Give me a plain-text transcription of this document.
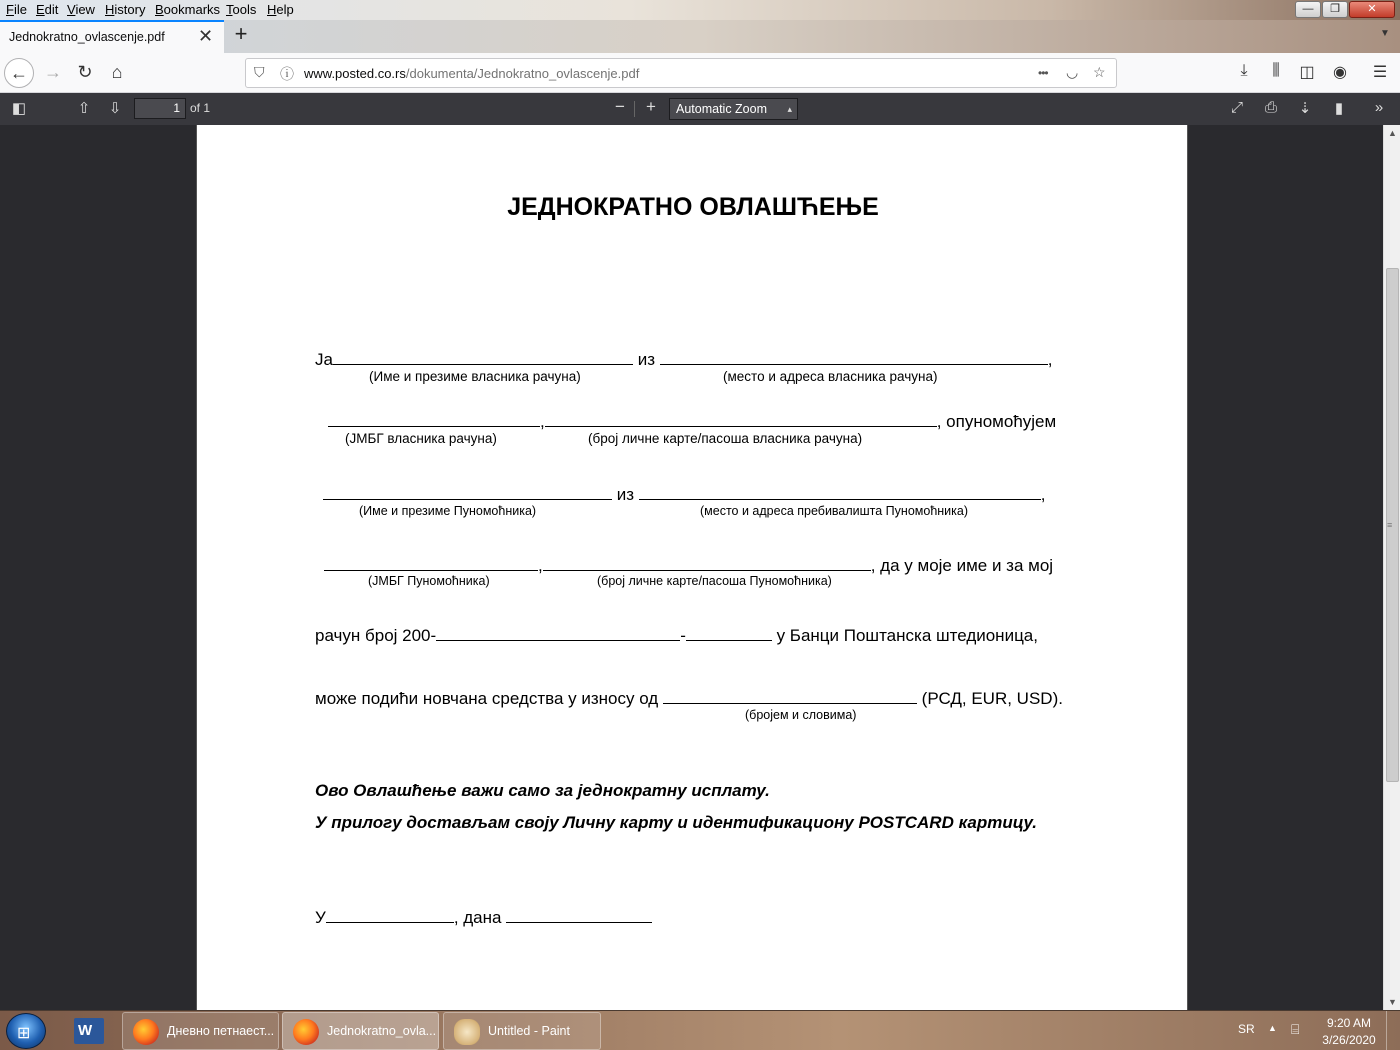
File Edit View History Bookmarks Tools Help	—	❐	✕
Jednokratno_ovlascenje.pdf ✕ +	▼
← → ↻	⌂	⛉ ⓘ www.posted.co.rs/dokumenta/Jednokratno_ovlascenje.pdf	••• ◡ ☆	⤓	⫼	◫ ◉ ☰
◧	⇧	⇩	1 of 1	−	+	Automatic Zoom ▴	⤢	⎙	⇣	▮	»
ЈЕДНОКРАТНО ОВЛАШЋЕЊЕ
Ја	из	,
(Име и презиме власника рачуна)	(место и адреса власника рачуна)
,	, опуномоћујем
(ЈМБГ власника рачуна)	(број личне карте/пасоша власника рачуна)
из	,
(Име и презиме Пуномоћника)	(место и адреса пребивалишта Пуномоћника)
,	, да у моје име и за мој
(ЈМБГ Пуномоћника)	(број личне карте/пасоша Пуномоћника)
рачун број 200-	-	у Банци Поштанска штедионица,
може подићи новчана средства у износу од	(РСД, EUR, USD).
(бројем и словима)
Ово Овлашћење важи само за једнократну исплату.
У прилогу достављам своју Личну карту и идентификациону POSTCARD картицу.
У	, дана
▲
≡
▼
⊞	W	Дневно петнаест...	Jednokratno_ovla...	Untitled - Paint	SR ▲ ⌸	9:20 AM
3/26/2020
